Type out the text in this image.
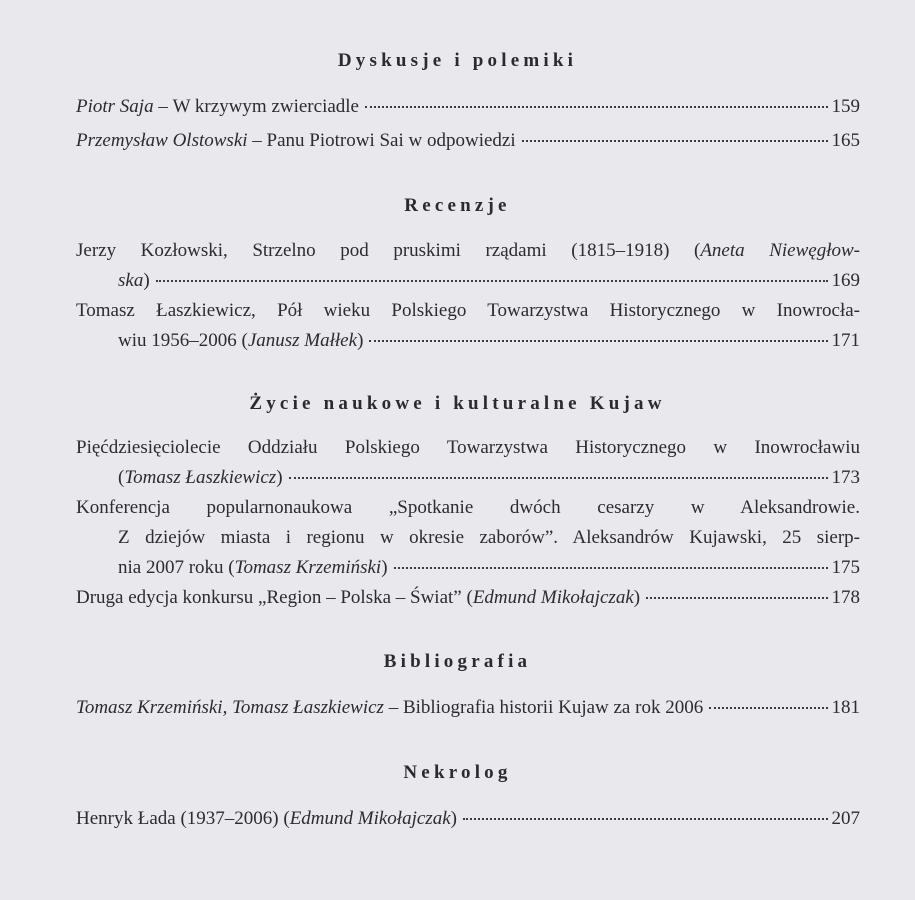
Dyskusje i polemiki
Piotr Saja – W krzywym zwierciadle	159
Przemysław Olstowski – Panu Piotrowi Sai w odpowiedzi	165
Recenzje
Jerzy Kozłowski, Strzelno pod pruskimi rządami (1815–1918) (Aneta Niewęgłow-
ska )	169
Tomasz Łaszkiewicz, Pół wieku Polskiego Towarzystwa Historycznego w Inowrocła-
wiu 1956–2006 ( Janusz Małłek )	171
Życie naukowe i kulturalne Kujaw
Pięćdziesięciolecie Oddziału Polskiego Towarzystwa Historycznego w Inowrocławiu
( Tomasz Łaszkiewicz )	173
Konferencja popularnonaukowa „Spotkanie dwóch cesarzy w Aleksandrowie.
Z dziejów miasta i regionu w okresie zaborów”. Aleksandrów Kujawski, 25 sierp-
nia 2007 roku ( Tomasz Krzemiński )	175
Druga edycja konkursu „Region – Polska – Świat” ( Edmund Mikołajczak )	178
Bibliografia
Tomasz Krzemiński, Tomasz Łaszkiewicz – Bibliografia historii Kujaw za rok 2006	181
Nekrolog
Henryk Łada (1937–2006) ( Edmund Mikołajczak )	207
